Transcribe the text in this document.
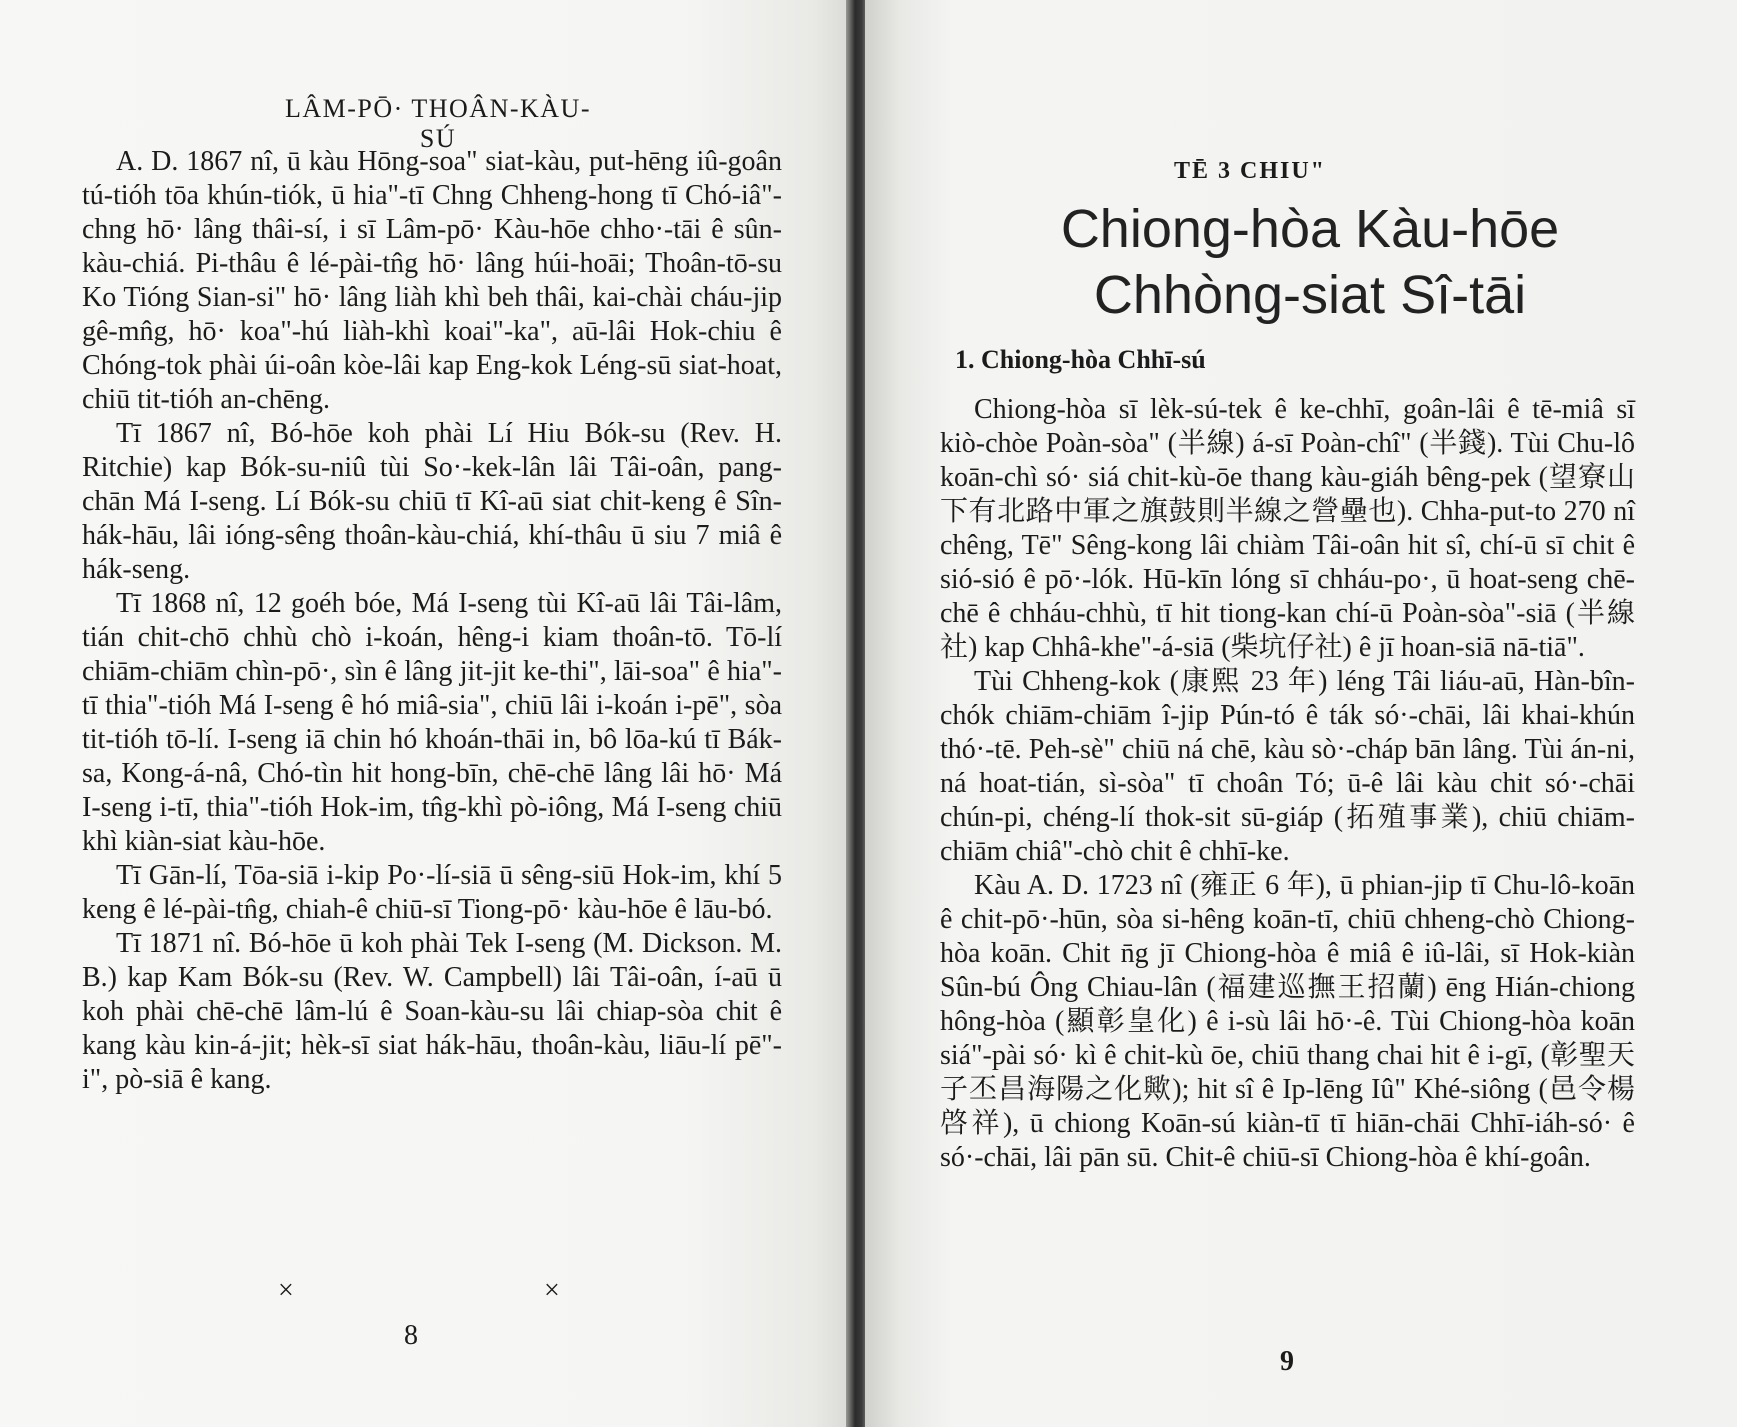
LÂM-PŌ· THOÂN-KÀU-SÚ

A. D. 1867 nî, ū kàu Hōng-soa" siat-kàu, put-hēng iû-goân tú-tióh tōa khún-tiók, ū hia"-tī Chng Chheng-hong tī Chó-iâ"-chng hō· lâng thâi-sí, i sī Lâm-pō· Kàu-hōe chho·-tāi ê sûn-kàu-chiá. Pi-thâu ê lé-pài-tn̂g hō· lâng húi-hoāi; Thoân-tō-su Ko Tióng Sian-si" hō· lâng liàh khì beh thâi, kai-chài cháu-jip gê-mn̂g, hō· koa"-hú liàh-khì koai"-ka", aū-lâi Hok-chiu ê Chóng-tok phài úi-oân kòe-lâi kap Eng-kok Léng-sū siat-hoat, chiū tit-tióh an-chēng.

Tī 1867 nî, Bó-hōe koh phài Lí Hiu Bók-su (Rev. H. Ritchie) kap Bók-su-niû tùi So·-kek-lân lâi Tâi-oân, pang-chān Má I-seng. Lí Bók-su chiū tī Kî-aū siat chit-keng ê Sîn-hák-hāu, lâi ióng-sêng thoân-kàu-chiá, khí-thâu ū siu 7 miâ ê hák-seng.

Tī 1868 nî, 12 goéh bóe, Má I-seng tùi Kî-aū lâi Tâi-lâm, tián chit-chō chhù chò i-koán, hêng-i kiam thoân-tō. Tō-lí chiām-chiām chìn-pō·, sìn ê lâng jit-jit ke-thi", lāi-soa" ê hia"-tī thia"-tióh Má I-seng ê hó miâ-sia", chiū lâi i-koán i-pē", sòa tit-tióh tō-lí. I-seng iā chin hó khoán-thāi in, bô lōa-kú tī Bák-sa, Kong-á-nâ, Chó-tìn hit hong-bīn, chē-chē lâng lâi hō· Má I-seng i-tī, thia"-tióh Hok-im, tn̂g-khì pò-iông, Má I-seng chiū khì kiàn-siat kàu-hōe.

Tī Gān-lí, Tōa-siā i-kip Po·-lí-siā ū sêng-siū Hok-im, khí 5 keng ê lé-pài-tn̂g, chiah-ê chiū-sī Tiong-pō· kàu-hōe ê lāu-bó.

Tī 1871 nî. Bó-hōe ū koh phài Tek I-seng (M. Dickson. M. B.) kap Kam Bók-su (Rev. W. Campbell) lâi Tâi-oân, í-aū ū koh phài chē-chē lâm-lú ê Soan-kàu-su lâi chiap-sòa chit ê kang kàu kin-á-jit; hèk-sī siat hák-hāu, thoân-kàu, liāu-lí pē"-i", pò-siā ê kang.

×	×
8
TĒ 3 CHIU"
Chiong-hòa Kàu-hōe
Chhòng-siat Sî-tāi
1. Chiong-hòa Chhī-sú

Chiong-hòa sī lèk-sú-tek ê ke-chhī, goân-lâi ê tē-miâ sī kiò-chòe Poàn-sòa" (半線) á-sī Poàn-chî" (半錢). Tùi Chu-lô koān-chì só· siá chit-kù-ōe thang kàu-giáh bêng-pek (望寮山下有北路中軍之旗鼓則半線之營壘也). Chha-put-to 270 nî chêng, Tē" Sêng-kong lâi chiàm Tâi-oân hit sî, chí-ū sī chit ê sió-sió ê pō·-lók. Hū-kīn lóng sī chháu-po·, ū hoat-seng chē-chē ê chháu-chhù, tī hit tiong-kan chí-ū Poàn-sòa"-siā (半線社) kap Chhâ-khe"-á-siā (柴坑仔社) ê jī hoan-siā nā-tiā".

Tùi Chheng-kok (康熙 23 年) léng Tâi liáu-aū, Hàn-bîn-chók chiām-chiām î-jip Pún-tó ê ták só·-chāi, lâi khai-khún thó·-tē. Peh-sè" chiū ná chē, kàu sò·-cháp bān lâng. Tùi án-ni, ná hoat-tián, sì-sòa" tī choân Tó; ū-ê lâi kàu chit só·-chāi chún-pi, chéng-lí thok-sit sū-giáp (拓殖事業), chiū chiām-chiām chiâ"-chò chit ê chhī-ke.

Kàu A. D. 1723 nî (雍正 6 年), ū phian-jip tī Chu-lô-koān ê chit-pō·-hūn, sòa si-hêng koān-tī, chiū chheng-chò Chiong-hòa koān. Chit n̄g jī Chiong-hòa ê miâ ê iû-lâi, sī Hok-kiàn Sûn-bú Ông Chiau-lân (福建巡撫王招蘭) ēng Hián-chiong hông-hòa (顯彰皇化) ê i-sù lâi hō·-ê. Tùi Chiong-hòa koān siá"-pài só· kì ê chit-kù ōe, chiū thang chai hit ê i-gī, (彰聖天子丕昌海陽之化歟); hit sî ê Ip-lēng Iû" Khé-siông (邑令楊啓祥), ū chiong Koān-sú kiàn-tī tī hiān-chāi Chhī-iáh-só· ê só·-chāi, lâi pān sū. Chit-ê chiū-sī Chiong-hòa ê khí-goân.

9
